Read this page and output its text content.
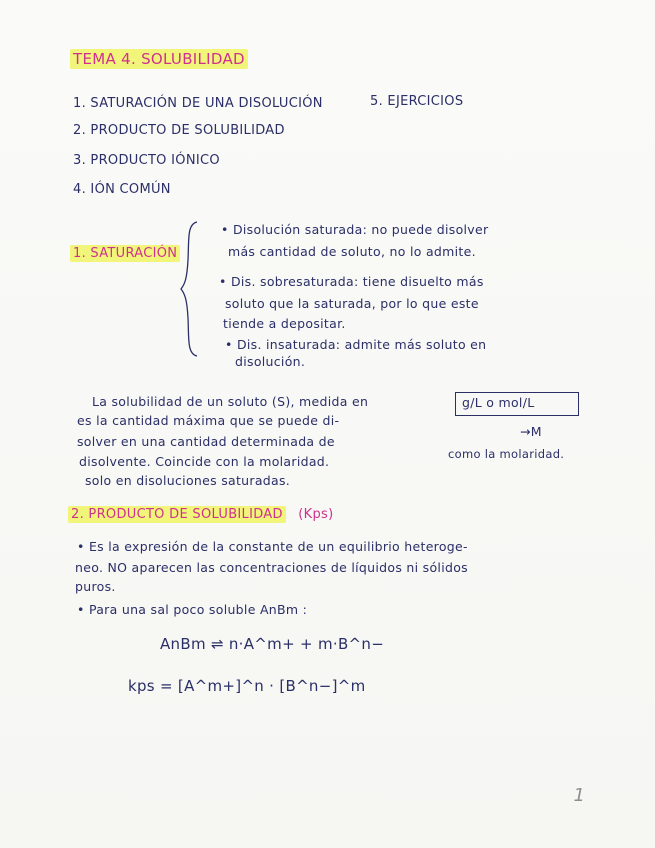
TEMA 4. SOLUBILIDAD
1. SATURACIÓN DE UNA DISOLUCIÓN	5. EJERCICIOS
2. PRODUCTO DE SOLUBILIDAD
3. PRODUCTO IÓNICO
4. IÓN COMÚN
1. SATURACIÓN
• Disolución saturada: no puede disolver
más cantidad de soluto, no lo admite.
• Dis. sobresaturada: tiene disuelto más
soluto que la saturada, por lo que este
tiende a depositar.
• Dis. insaturada: admite más soluto en
disolución.
La solubilidad de un soluto (S), medida en
es la cantidad máxima que se puede di-
solver en una cantidad determinada de
disolvente. Coincide con la molaridad.
solo en disoluciones saturadas.
g/L o mol/L
→M
como la molaridad.
2. PRODUCTO DE SOLUBILIDAD (Kps)
• Es la expresión de la constante de un equilibrio heteroge-
neo. NO aparecen las concentraciones de líquidos ni sólidos
puros.
• Para una sal poco soluble AnBm :
AnBm ⇌ n·A^m+ + m·B^n−
kps = [A^m+]^n · [B^n−]^m
1
